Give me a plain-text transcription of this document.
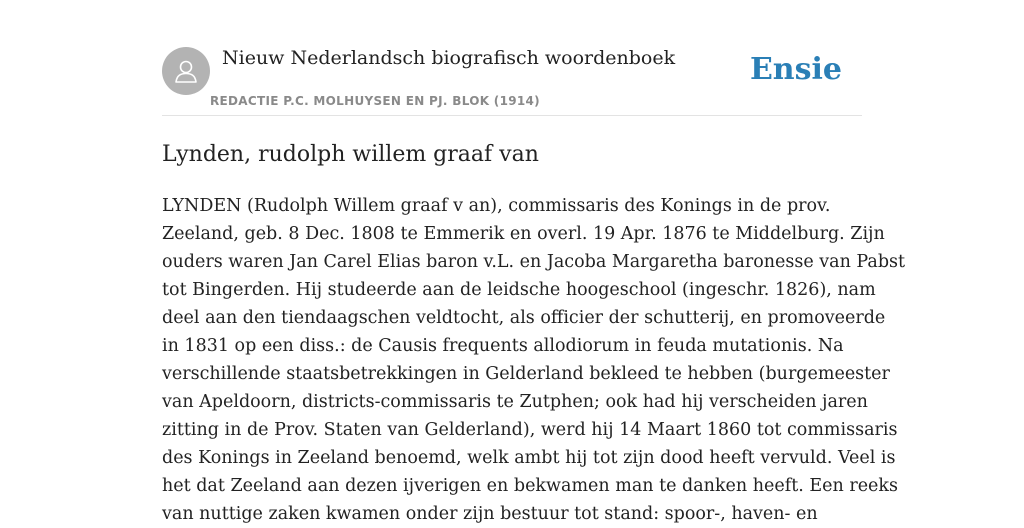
Nieuw Nederlandsch biografisch woordenboek
REDACTIE P.C. MOLHUYSEN EN PJ. BLOK (1914)
Ensie
Lynden, rudolph willem graaf van
LYNDEN (Rudolph Willem graaf v an), commissaris des Konings in de prov.
Zeeland, geb. 8 Dec. 1808 te Emmerik en overl. 19 Apr. 1876 te Middelburg. Zijn
ouders waren Jan Carel Elias baron v.L. en Jacoba Margaretha baronesse van Pabst
tot Bingerden. Hij studeerde aan de leidsche hoogeschool (ingeschr. 1826), nam
deel aan den tiendaagschen veldtocht, als officier der schutterij, en promoveerde
in 1831 op een diss.: de Causis frequents allodiorum in feuda mutationis. Na
verschillende staatsbetrekkingen in Gelderland bekleed te hebben (burgemeester
van Apeldoorn, districts-commissaris te Zutphen; ook had hij verscheiden jaren
zitting in de Prov. Staten van Gelderland), werd hij 14 Maart 1860 tot commissaris
des Konings in Zeeland benoemd, welk ambt hij tot zijn dood heeft vervuld. Veel is
het dat Zeeland aan dezen ijverigen en bekwamen man te danken heeft. Een reeks
van nuttige zaken kwamen onder zijn bestuur tot stand: spoor-, haven- en
